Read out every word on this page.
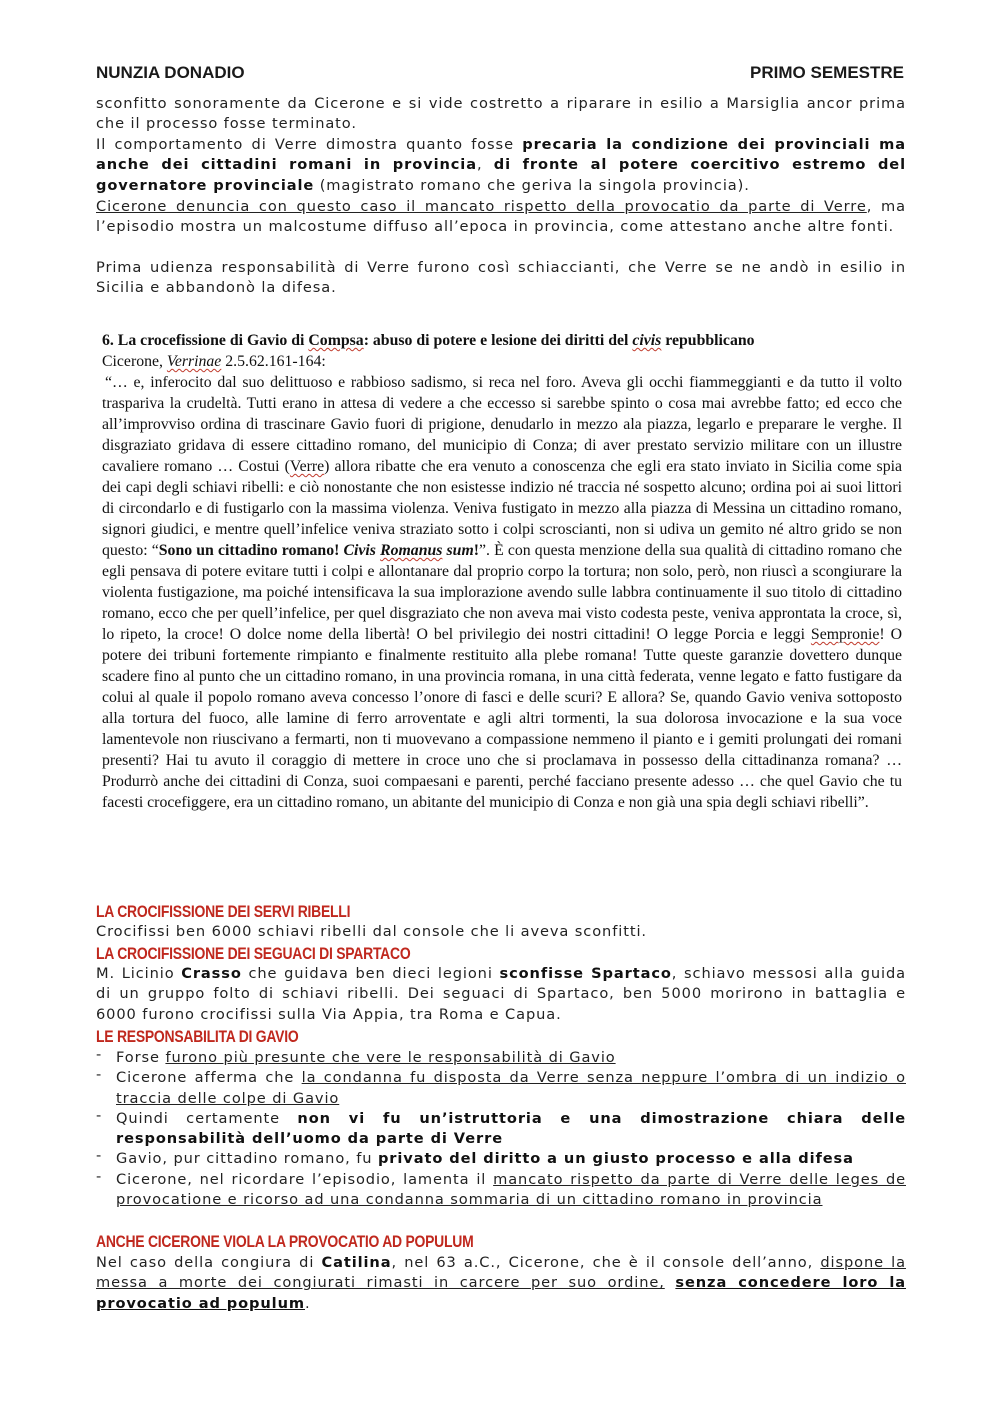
NUNZIA DONADIO	PRIMO SEMESTRE

sconfitto sonoramente da Cicerone e si vide costretto a riparare in esilio a Marsiglia ancor prima che il processo fosse terminato.

Il comportamento di Verre dimostra quanto fosse precaria la condizione dei provinciali ma anche dei cittadini romani in provincia, di fronte al potere coercitivo estremo del governatore provinciale (magistrato romano che geriva la singola provincia).

Cicerone denuncia con questo caso il mancato rispetto della provocatio da parte di Verre, ma l’episodio mostra un malcostume diffuso all’epoca in provincia, come attestano anche altre fonti.

Prima udienza responsabilità di Verre furono così schiaccianti, che Verre se ne andò in esilio in Sicilia e abbandonò la difesa.

6. La crocefissione di Gavio di Compsa: abuso di potere e lesione dei diritti del civis repubblicano
Cicerone, Verrinae 2.5.62.161-164:
“… e, inferocito dal suo delittuoso e rabbioso sadismo, si reca nel foro. Aveva gli occhi fiammeggianti e da tutto il volto traspariva la crudeltà. Tutti erano in attesa di vedere a che eccesso si sarebbe spinto o cosa mai avrebbe fatto; ed ecco che all’improvviso ordina di trascinare Gavio fuori di prigione, denudarlo in mezzo ala piazza, legarlo e preparare le verghe. Il disgraziato gridava di essere cittadino romano, del municipio di Conza; di aver prestato servizio militare con un illustre cavaliere romano … Costui (Verre) allora ribatte che era venuto a conoscenza che egli era stato inviato in Sicilia come spia dei capi degli schiavi ribelli: e ciò nonostante che non esistesse indizio né traccia né sospetto alcuno; ordina poi ai suoi littori di circondarlo e di fustigarlo con la massima violenza. Veniva fustigato in mezzo alla piazza di Messina un cittadino romano, signori giudici, e mentre quell’infelice veniva straziato sotto i colpi scroscianti, non si udiva un gemito né altro grido se non questo: “Sono un cittadino romano! Civis Romanus sum!”. È con questa menzione della sua qualità di cittadino romano che egli pensava di potere evitare tutti i colpi e allontanare dal proprio corpo la tortura; non solo, però, non riuscì a scongiurare la violenta fustigazione, ma poiché intensificava la sua implorazione avendo sulle labbra continuamente il suo titolo di cittadino romano, ecco che per quell’infelice, per quel disgraziato che non aveva mai visto codesta peste, veniva approntata la croce, sì, lo ripeto, la croce! O dolce nome della libertà! O bel privilegio dei nostri cittadini! O legge Porcia e leggi Sempronie! O potere dei tribuni fortemente rimpianto e finalmente restituito alla plebe romana! Tutte queste garanzie dovettero dunque scadere fino al punto che un cittadino romano, in una provincia romana, in una città federata, venne legato e fatto fustigare da colui al quale il popolo romano aveva concesso l’onore di fasci e delle scuri? E allora? Se, quando Gavio veniva sottoposto alla tortura del fuoco, alle lamine di ferro arroventate e agli altri tormenti, la sua dolorosa invocazione e la sua voce lamentevole non riuscivano a fermarti, non ti muovevano a compassione nemmeno il pianto e i gemiti prolungati dei romani presenti? Hai tu avuto il coraggio di mettere in croce uno che si proclamava in possesso della cittadinanza romana? … Produrrò anche dei cittadini di Conza, suoi compaesani e parenti, perché facciano presente adesso … che quel Gavio che tu facesti crocefiggere, era un cittadino romano, un abitante del municipio di Conza e non già una spia degli schiavi ribelli”.
LA CROCIFISSIONE DEI SERVI RIBELLI

Crocifissi ben 6000 schiavi ribelli dal console che li aveva sconfitti.

LA CROCIFISSIONE DEI SEGUACI DI SPARTACO

M. Licinio Crasso che guidava ben dieci legioni sconfisse Spartaco, schiavo messosi alla guida di un gruppo folto di schiavi ribelli. Dei seguaci di Spartaco, ben 5000 morirono in battaglia e 6000 furono crocifissi sulla Via Appia, tra Roma e Capua.

LE RESPONSABILITA DI GAVIO
- Forse furono più presunte che vere le responsabilità di Gavio
- Cicerone afferma che la condanna fu disposta da Verre senza neppure l’ombra di un indizio o traccia delle colpe di Gavio
- Quindi certamente non vi fu un’istruttoria e una dimostrazione chiara delle responsabilità dell’uomo da parte di Verre
- Gavio, pur cittadino romano, fu privato del diritto a un giusto processo e alla difesa
- Cicerone, nel ricordare l’episodio, lamenta il mancato rispetto da parte di Verre delle leges de provocatione e ricorso ad una condanna sommaria di un cittadino romano in provincia
ANCHE CICERONE VIOLA LA PROVOCATIO AD POPULUM

Nel caso della congiura di Catilina, nel 63 a.C., Cicerone, che è il console dell’anno, dispone la messa a morte dei congiurati rimasti in carcere per suo ordine, senza concedere loro la provocatio ad populum.
